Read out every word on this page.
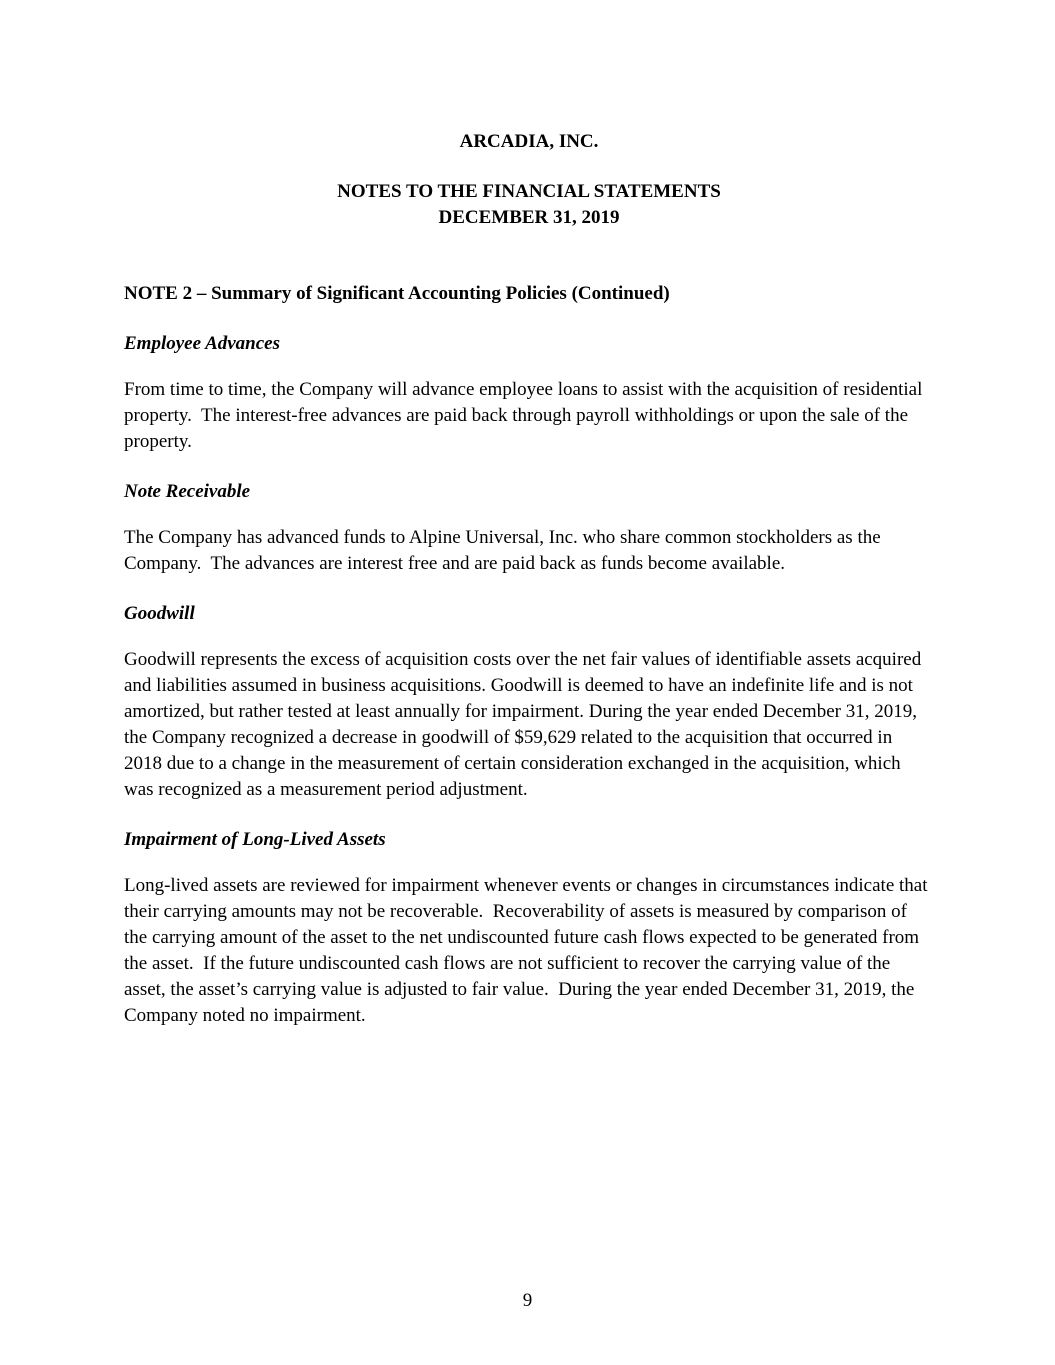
ARCADIA, INC.
NOTES TO THE FINANCIAL STATEMENTS
DECEMBER 31, 2019
NOTE 2 – Summary of Significant Accounting Policies (Continued)
Employee Advances

From time to time, the Company will advance employee loans to assist with the acquisition of residential property.  The interest-free advances are paid back through payroll withholdings or upon the sale of the property.

Note Receivable

The Company has advanced funds to Alpine Universal, Inc. who share common stockholders as the Company.  The advances are interest free and are paid back as funds become available.

Goodwill

Goodwill represents the excess of acquisition costs over the net fair values of identifiable assets acquired and liabilities assumed in business acquisitions. Goodwill is deemed to have an indefinite life and is not amortized, but rather tested at least annually for impairment. During the year ended December 31, 2019, the Company recognized a decrease in goodwill of $59,629 related to the acquisition that occurred in 2018 due to a change in the measurement of certain consideration exchanged in the acquisition, which was recognized as a measurement period adjustment.

Impairment of Long-Lived Assets

Long-lived assets are reviewed for impairment whenever events or changes in circumstances indicate that their carrying amounts may not be recoverable.  Recoverability of assets is measured by comparison of the carrying amount of the asset to the net undiscounted future cash flows expected to be generated from the asset.  If the future undiscounted cash flows are not sufficient to recover the carrying value of the asset, the asset’s carrying value is adjusted to fair value.  During the year ended December 31, 2019, the Company noted no impairment.

9
